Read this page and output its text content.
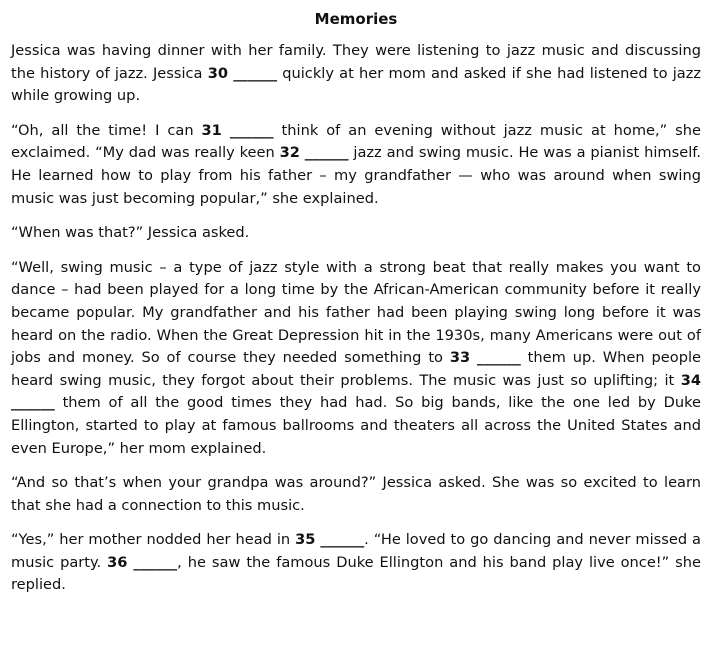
Memories

Jessica was having dinner with her family. They were listening to jazz music and discussing the history of jazz. Jessica 30 ______ quickly at her mom and asked if she had listened to jazz while growing up.

“Oh, all the time! I can 31 ______ think of an evening without jazz music at home,” she exclaimed. “My dad was really keen 32 ______ jazz and swing music. He was a pianist himself. He learned how to play from his father – my grandfather — who was around when swing music was just becoming popular,” she explained.

“When was that?” Jessica asked.

“Well, swing music – a type of jazz style with a strong beat that really makes you want to dance – had been played for a long time by the African-American community before it really became popular. My grandfather and his father had been playing swing long before it was heard on the radio. When the Great Depression hit in the 1930s, many Americans were out of jobs and money. So of course they needed something to 33 ______ them up. When people heard swing music, they forgot about their problems. The music was just so uplifting; it 34 ______ them of all the good times they had had. So big bands, like the one led by Duke Ellington, started to play at famous ballrooms and theaters all across the United States and even Europe,” her mom explained.

“And so that’s when your grandpa was around?” Jessica asked. She was so excited to learn that she had a connection to this music.

“Yes,” her mother nodded her head in 35 ______. “He loved to go dancing and never missed a music party. 36 ______, he saw the famous Duke Ellington and his band play live once!” she replied.
